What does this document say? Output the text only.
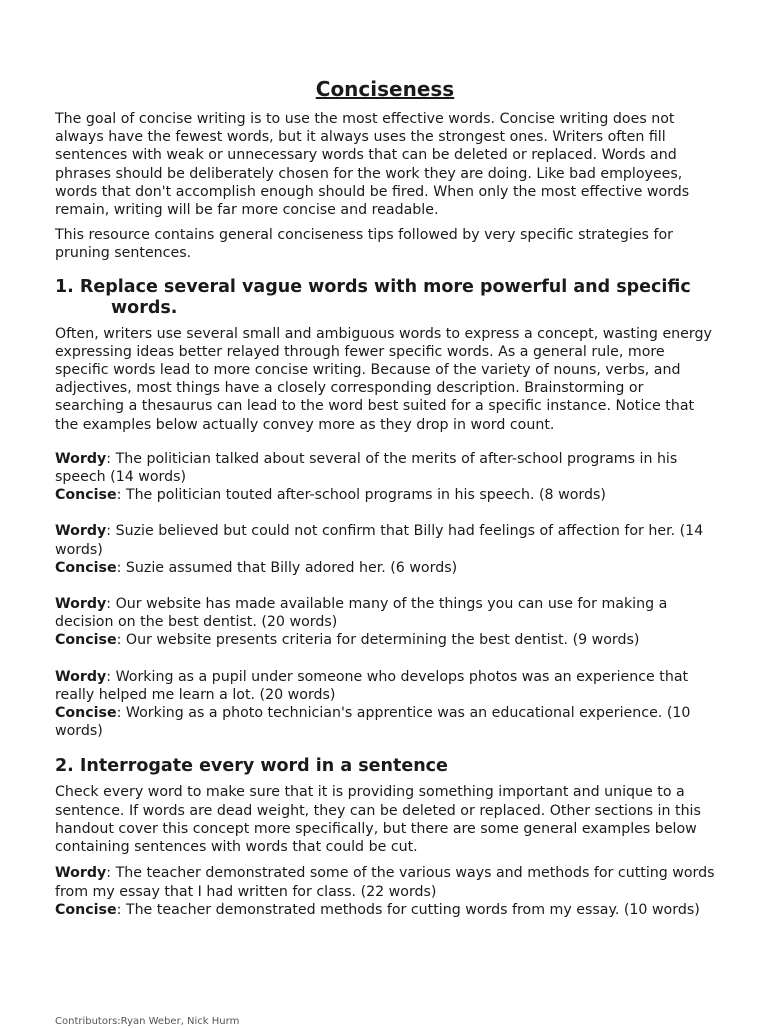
Conciseness

The goal of concise writing is to use the most effective words. Concise writing does not always have the fewest words, but it always uses the strongest ones. Writers often fill sentences with weak or unnecessary words that can be deleted or replaced. Words and phrases should be deliberately chosen for the work they are doing. Like bad employees, words that don't accomplish enough should be fired. When only the most effective words remain, writing will be far more concise and readable.

This resource contains general conciseness tips followed by very specific strategies for pruning sentences.

1. Replace several vague words with more powerful and specific words.

Often, writers use several small and ambiguous words to express a concept, wasting energy expressing ideas better relayed through fewer specific words. As a general rule, more specific words lead to more concise writing. Because of the variety of nouns, verbs, and adjectives, most things have a closely corresponding description. Brainstorming or searching a thesaurus can lead to the word best suited for a specific instance. Notice that the examples below actually convey more as they drop in word count.

Wordy: The politician talked about several of the merits of after-school programs in his speech (14 words)

Concise: The politician touted after-school programs in his speech. (8 words)

Wordy: Suzie believed but could not confirm that Billy had feelings of affection for her. (14 words)

Concise: Suzie assumed that Billy adored her. (6 words)

Wordy: Our website has made available many of the things you can use for making a decision on the best dentist. (20 words)

Concise: Our website presents criteria for determining the best dentist. (9 words)

Wordy: Working as a pupil under someone who develops photos was an experience that really helped me learn a lot. (20 words)

Concise: Working as a photo technician's apprentice was an educational experience. (10 words)

2. Interrogate every word in a sentence

Check every word to make sure that it is providing something important and unique to a sentence. If words are dead weight, they can be deleted or replaced. Other sections in this handout cover this concept more specifically, but there are some general examples below containing sentences with words that could be cut.

Wordy: The teacher demonstrated some of the various ways and methods for cutting words from my essay that I had written for class. (22 words)

Concise: The teacher demonstrated methods for cutting words from my essay. (10 words)

Contributors:Ryan Weber, Nick Hurm
